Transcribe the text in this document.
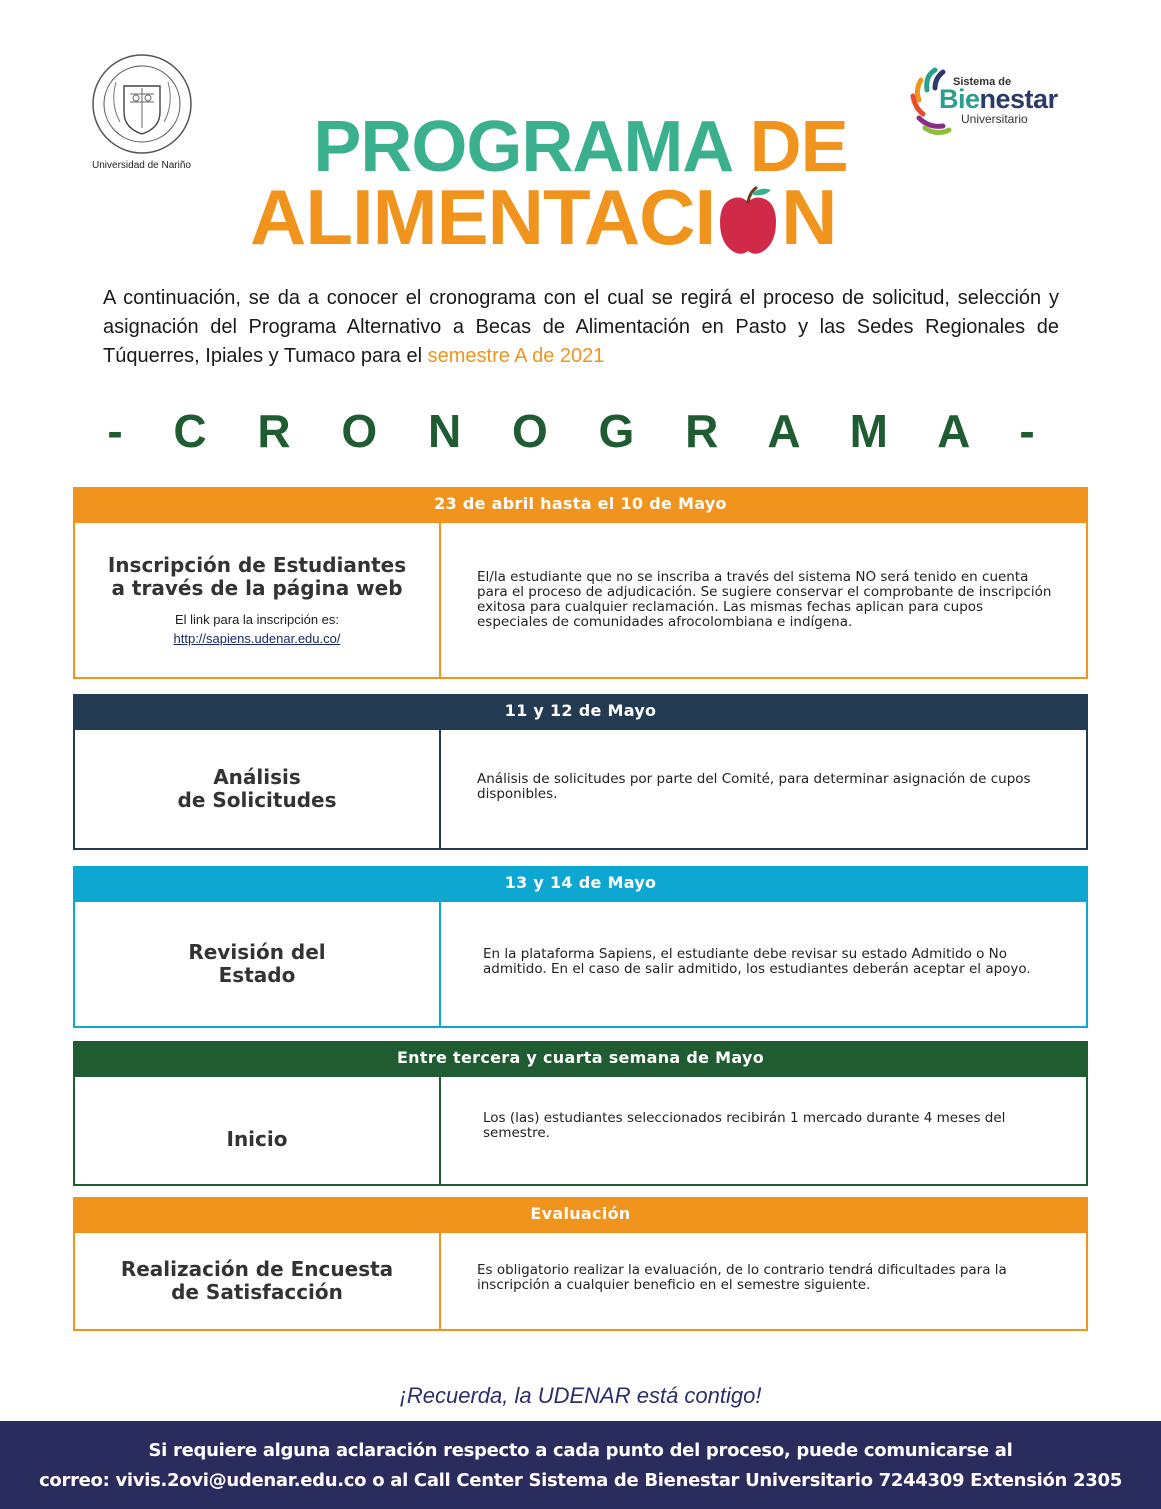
Universidad de Nariño
Sistema de
Bienestar
Universitario
PROGRAMA DE
ALIMENTACI N
A continuación, se da a conocer el cronograma con el cual se regirá el proceso de solicitud, selección y asignación del Programa Alternativo a Becas de Alimentación en Pasto y las Sedes Regionales de Túquerres, Ipiales y Tumaco para el semestre A de 2021
- C R O N O G R A M A -
23 de abril hasta el 10 de Mayo
Inscripción de Estudiantes
a través de la página web
El link para la inscripción es:
http://sapiens.udenar.edu.co/
El/la estudiante que no se inscriba a través del sistema NO será tenido en cuenta para el proceso de adjudicación. Se sugiere conservar el comprobante de inscripción exitosa para cualquier reclamación. Las mismas fechas aplican para cupos especiales de comunidades afrocolombiana e indígena.
11 y 12 de Mayo
Análisis
de Solicitudes
Análisis de solicitudes por parte del Comité, para determinar asignación de cupos disponibles.
13 y 14 de Mayo
Revisión del
Estado
En la plataforma Sapiens, el estudiante debe revisar su estado Admitido o No admitido. En el caso de salir admitido, los estudiantes deberán aceptar el apoyo.
Entre tercera y cuarta semana de Mayo
Inicio
Los (las) estudiantes seleccionados recibirán 1 mercado durante 4 meses del semestre.
Evaluación
Realización de Encuesta
de Satisfacción
Es obligatorio realizar la evaluación, de lo contrario tendrá dificultades para la inscripción a cualquier beneficio en el semestre siguiente.
¡Recuerda, la UDENAR está contigo!
Si requiere alguna aclaración respecto a cada punto del proceso, puede comunicarse al
correo: vivis.2ovi@udenar.edu.co o al Call Center Sistema de Bienestar Universitario 7244309 Extensión 2305
